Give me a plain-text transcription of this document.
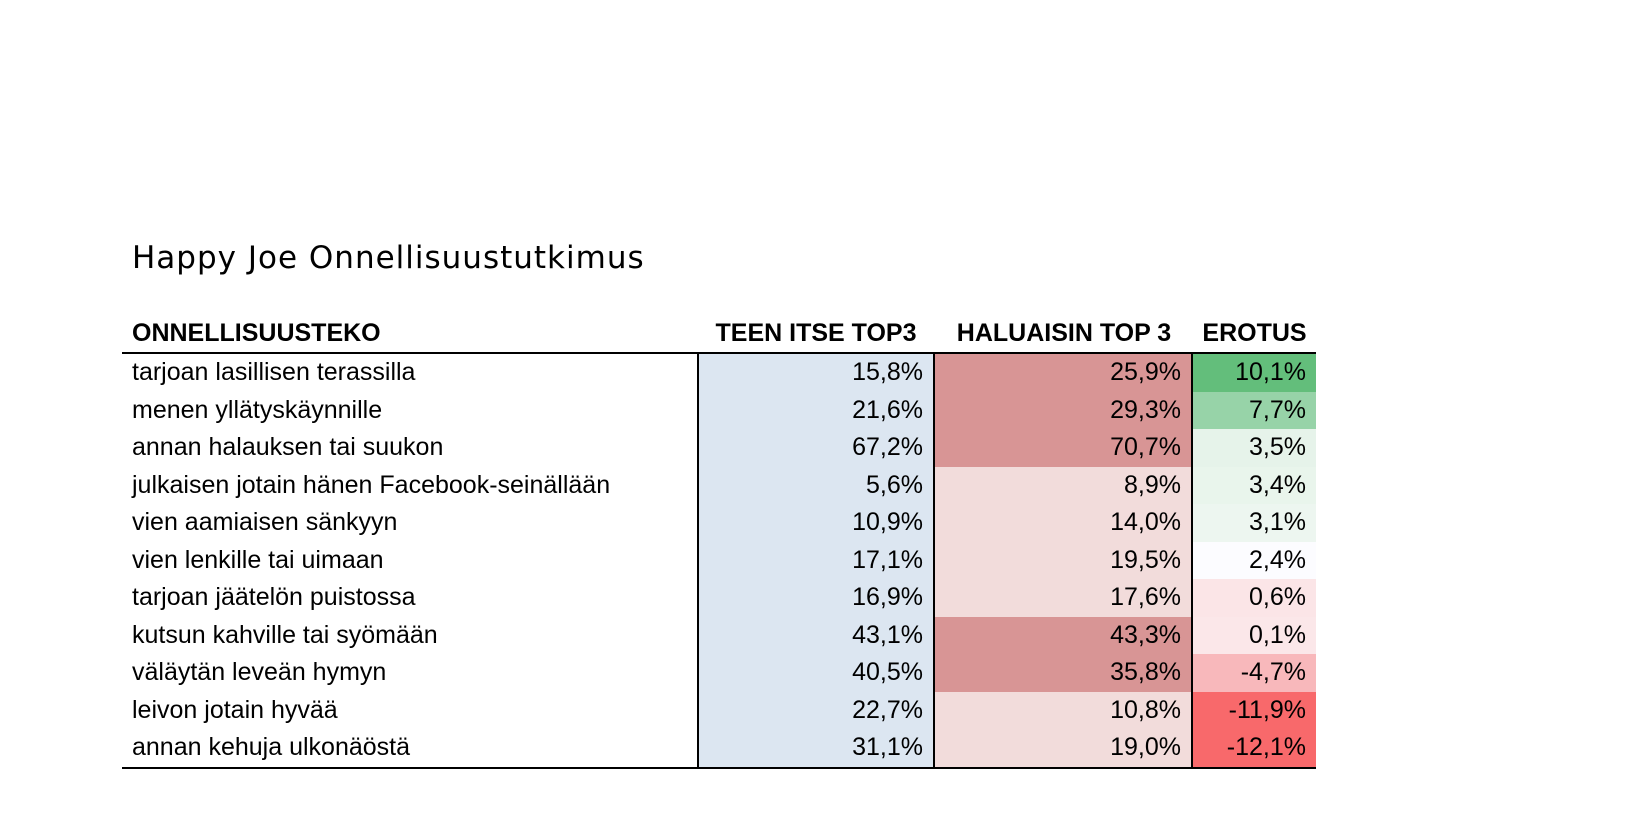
Happy Joe Onnellisuustutkimus
ONNELLISUUSTEKO	TEEN ITSE TOP3	HALUAISIN TOP 3	EROTUS
tarjoan lasillisen terassilla	15,8%	25,9%	10,1%
menen yllätyskäynnille	21,6%	29,3%	7,7%
annan halauksen tai suukon	67,2%	70,7%	3,5%
julkaisen jotain hänen Facebook-seinällään	5,6%	8,9%	3,4%
vien aamiaisen sänkyyn	10,9%	14,0%	3,1%
vien lenkille tai uimaan	17,1%	19,5%	2,4%
tarjoan jäätelön puistossa	16,9%	17,6%	0,6%
kutsun kahville tai syömään	43,1%	43,3%	0,1%
väläytän leveän hymyn	40,5%	35,8%	-4,7%
leivon jotain hyvää	22,7%	10,8%	-11,9%
annan kehuja ulkonäöstä	31,1%	19,0%	-12,1%
